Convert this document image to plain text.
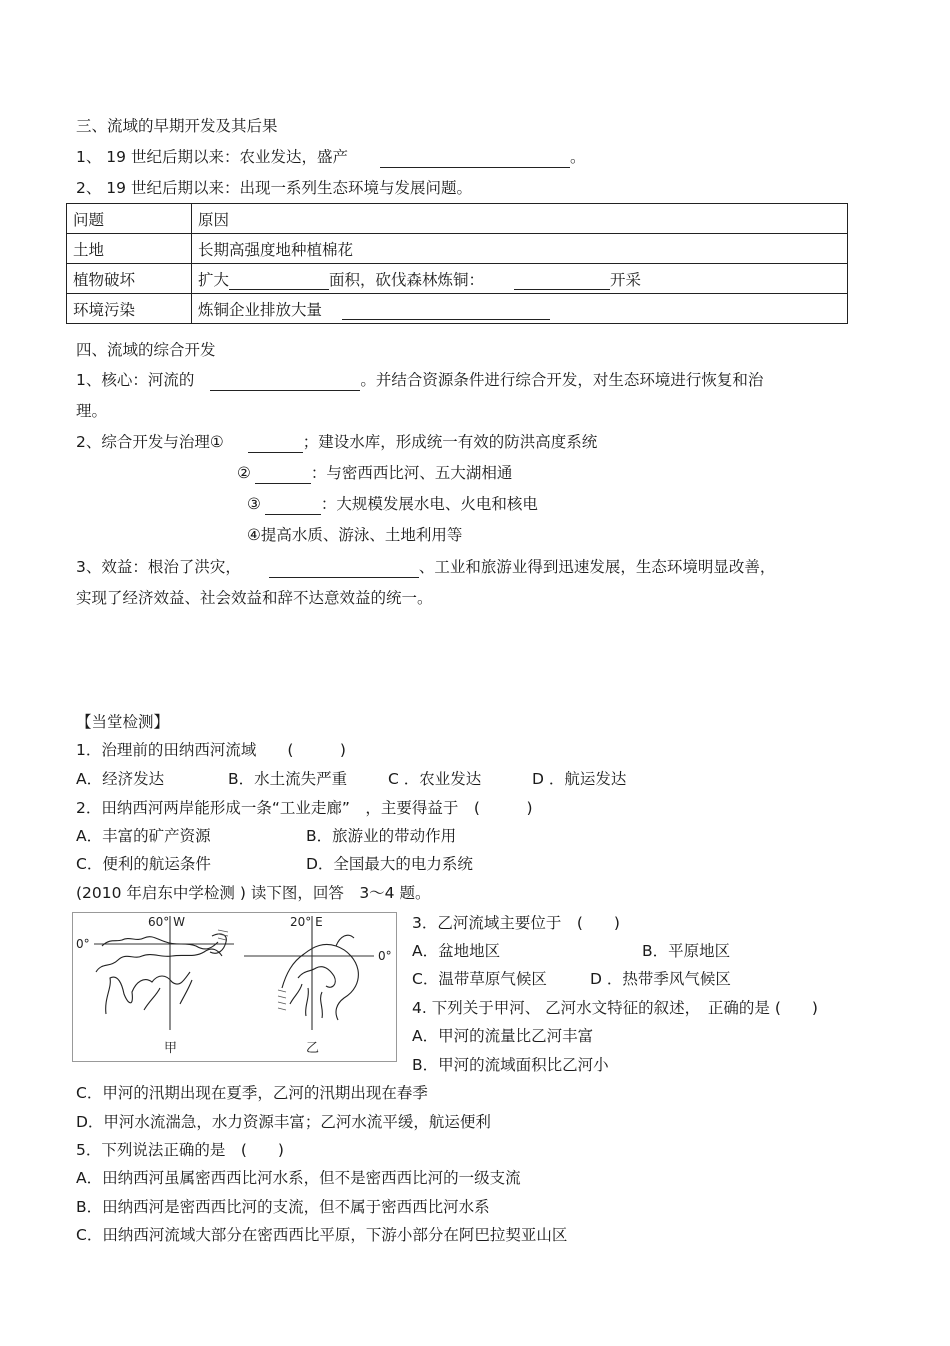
三、流域的早期开发及其后果
1、 19 世纪后期以来：农业发达，盛产	。
2、 19 世纪后期以来：出现一系列生态环境与发展问题。
问题	原因
土地	长期高强度地种植棉花
植物破坏	扩大 面积，砍伐森林炼铜： 开采
环境污染	炼铜企业排放大量
四、流域的综合开发
1、核心：河流的	。并结合资源条件进行综合开发，对生态环境进行恢复和治
理。
2、综合开发与治理①	；建设水库，形成统一有效的防洪高度系统
②	：与密西西比河、五大湖相通
③	：大规模发展水电、火电和核电
④提高水质、游泳、土地利用等
3、效益：根治了洪灾，	、工业和旅游业得到迅速发展，生态环境明显改善，
实现了经济效益、社会效益和辞不达意效益的统一。
【当堂检测】
1．治理前的田纳西河流域　　(　　　)
A．经济发达	B．水土流失严重	C ．农业发达	D ．航运发达
2．田纳西河两岸能形成一条“工业走廊”　，主要得益于　(　　　)
A．丰富的矿产资源	B．旅游业的带动作用
C．便利的航运条件	D．全国最大的电力系统
(2010 年启东中学检测 ) 读下图，回答　3～4 题。
60° W
0°
甲
20° E
0°
乙
3．乙河流域主要位于　(　　)
A．盆地地区	B．平原地区
C．温带草原气候区	D ．热带季风气候区
4. 下列关于甲河、 乙河水文特征的叙述，　正确的是 (　　)
A．甲河的流量比乙河丰富
B．甲河的流域面积比乙河小
C．甲河的汛期出现在夏季，乙河的汛期出现在春季
D．甲河水流湍急，水力资源丰富；乙河水流平缓，航运便利
5．下列说法正确的是　(　　)
A．田纳西河虽属密西西比河水系，但不是密西西比河的一级支流
B．田纳西河是密西西比河的支流，但不属于密西西比河水系
C．田纳西河流域大部分在密西西比平原，下游小部分在阿巴拉契亚山区
